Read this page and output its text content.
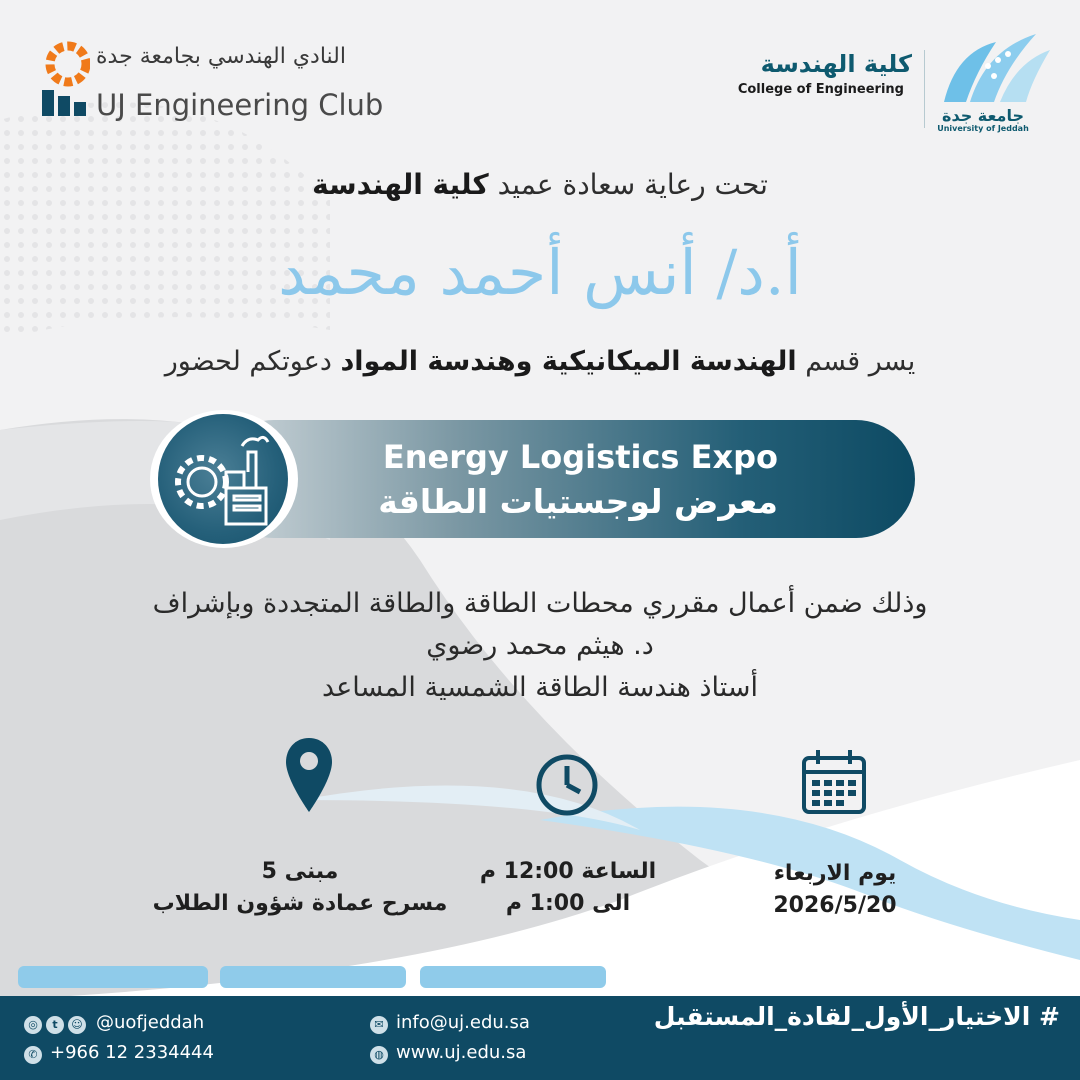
النادي الهندسي بجامعة جدة
UJ Engineering Club
كلية الهندسة
College of Engineering
جامعة جدة
University of Jeddah
تحت رعاية سعادة عميد كلية الهندسة
أ.د/ أنس أحمد محمد
يسر قسم الهندسة الميكانيكية وهندسة المواد دعوتكم لحضور
Energy Logistics Expo
معرض لوجستيات الطاقة
وذلك ضمن أعمال مقرري محطات الطاقة والطاقة المتجددة وبإشراف
د. هيثم محمد رضوي
أستاذ هندسة الطاقة الشمسية المساعد
يوم الاربعاء
2026/5/20
الساعة 12:00 م
الى 1:00 م
مبنى 5
مسرح عمادة شؤون الطلاب
# الاختيار_الأول_لقادة_المستقبل
◎	t	☺ @uofjeddah
✆ +966 12 2334444
✉ info@uj.edu.sa
◍ www.uj.edu.sa
